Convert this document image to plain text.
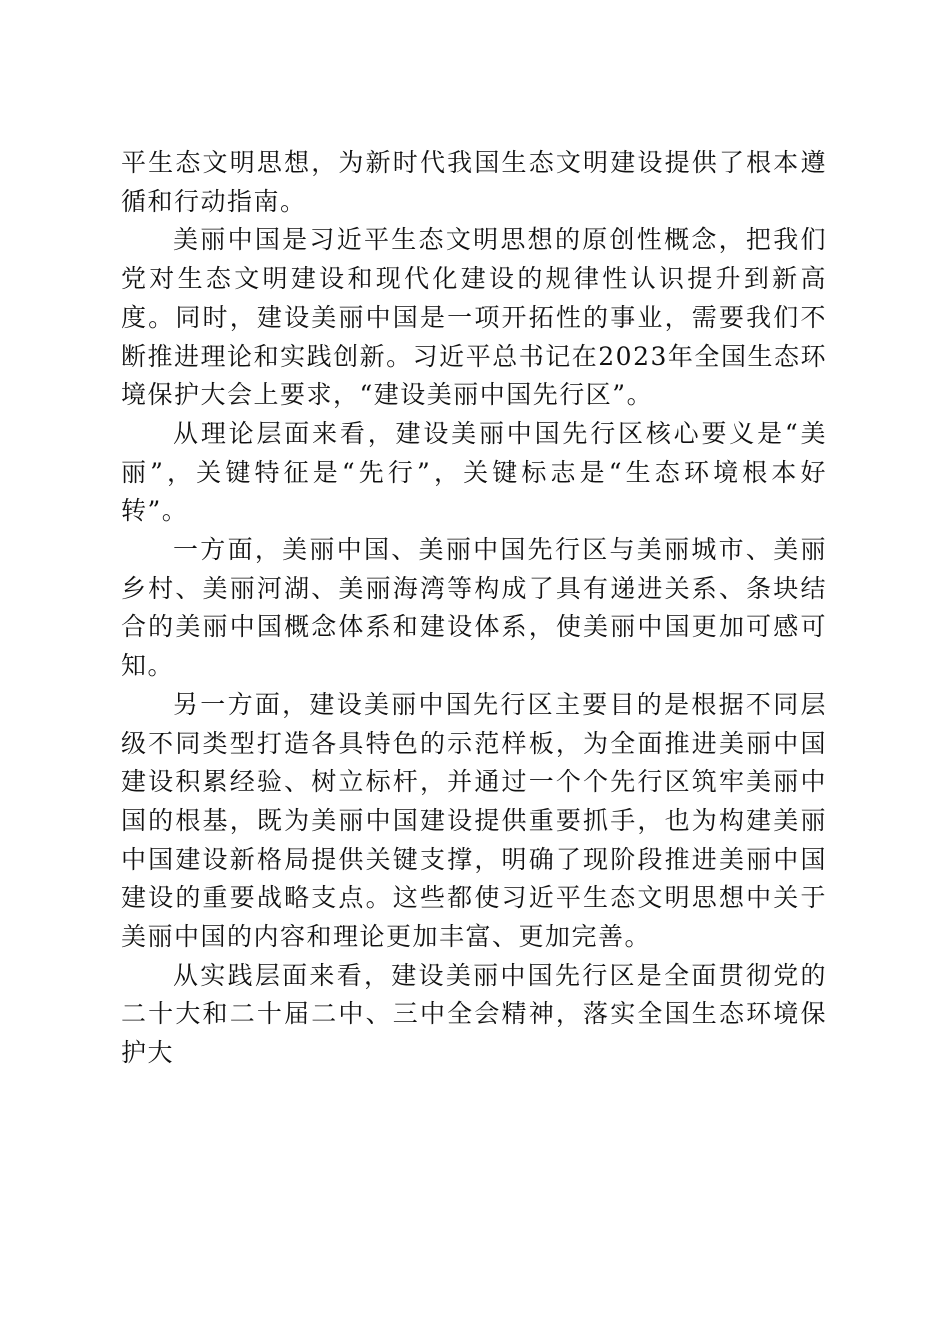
平生态文明思想，为新时代我国生态文明建设提供了根本遵循和行动指南。

美丽中国是习近平生态文明思想的原创性概念，把我们党对生态文明建设和现代化建设的规律性认识提升到新高度。同时，建设美丽中国是一项开拓性的事业，需要我们不断推进理论和实践创新。习近平总书记在2023年全国生态环境保护大会上要求，“建设美丽中国先行区”。

从理论层面来看，建设美丽中国先行区核心要义是“美丽”，关键特征是“先行”，关键标志是“生态环境根本好转”。

一方面，美丽中国、美丽中国先行区与美丽城市、美丽乡村、美丽河湖、美丽海湾等构成了具有递进关系、条块结合的美丽中国概念体系和建设体系，使美丽中国更加可感可知。

另一方面，建设美丽中国先行区主要目的是根据不同层级不同类型打造各具特色的示范样板，为全面推进美丽中国建设积累经验、树立标杆，并通过一个个先行区筑牢美丽中国的根基，既为美丽中国建设提供重要抓手，也为构建美丽中国建设新格局提供关键支撑，明确了现阶段推进美丽中国建设的重要战略支点。这些都使习近平生态文明思想中关于美丽中国的内容和理论更加丰富、更加完善。

从实践层面来看，建设美丽中国先行区是全面贯彻党的二十大和二十届二中、三中全会精神，落实全国生态环境保护大
